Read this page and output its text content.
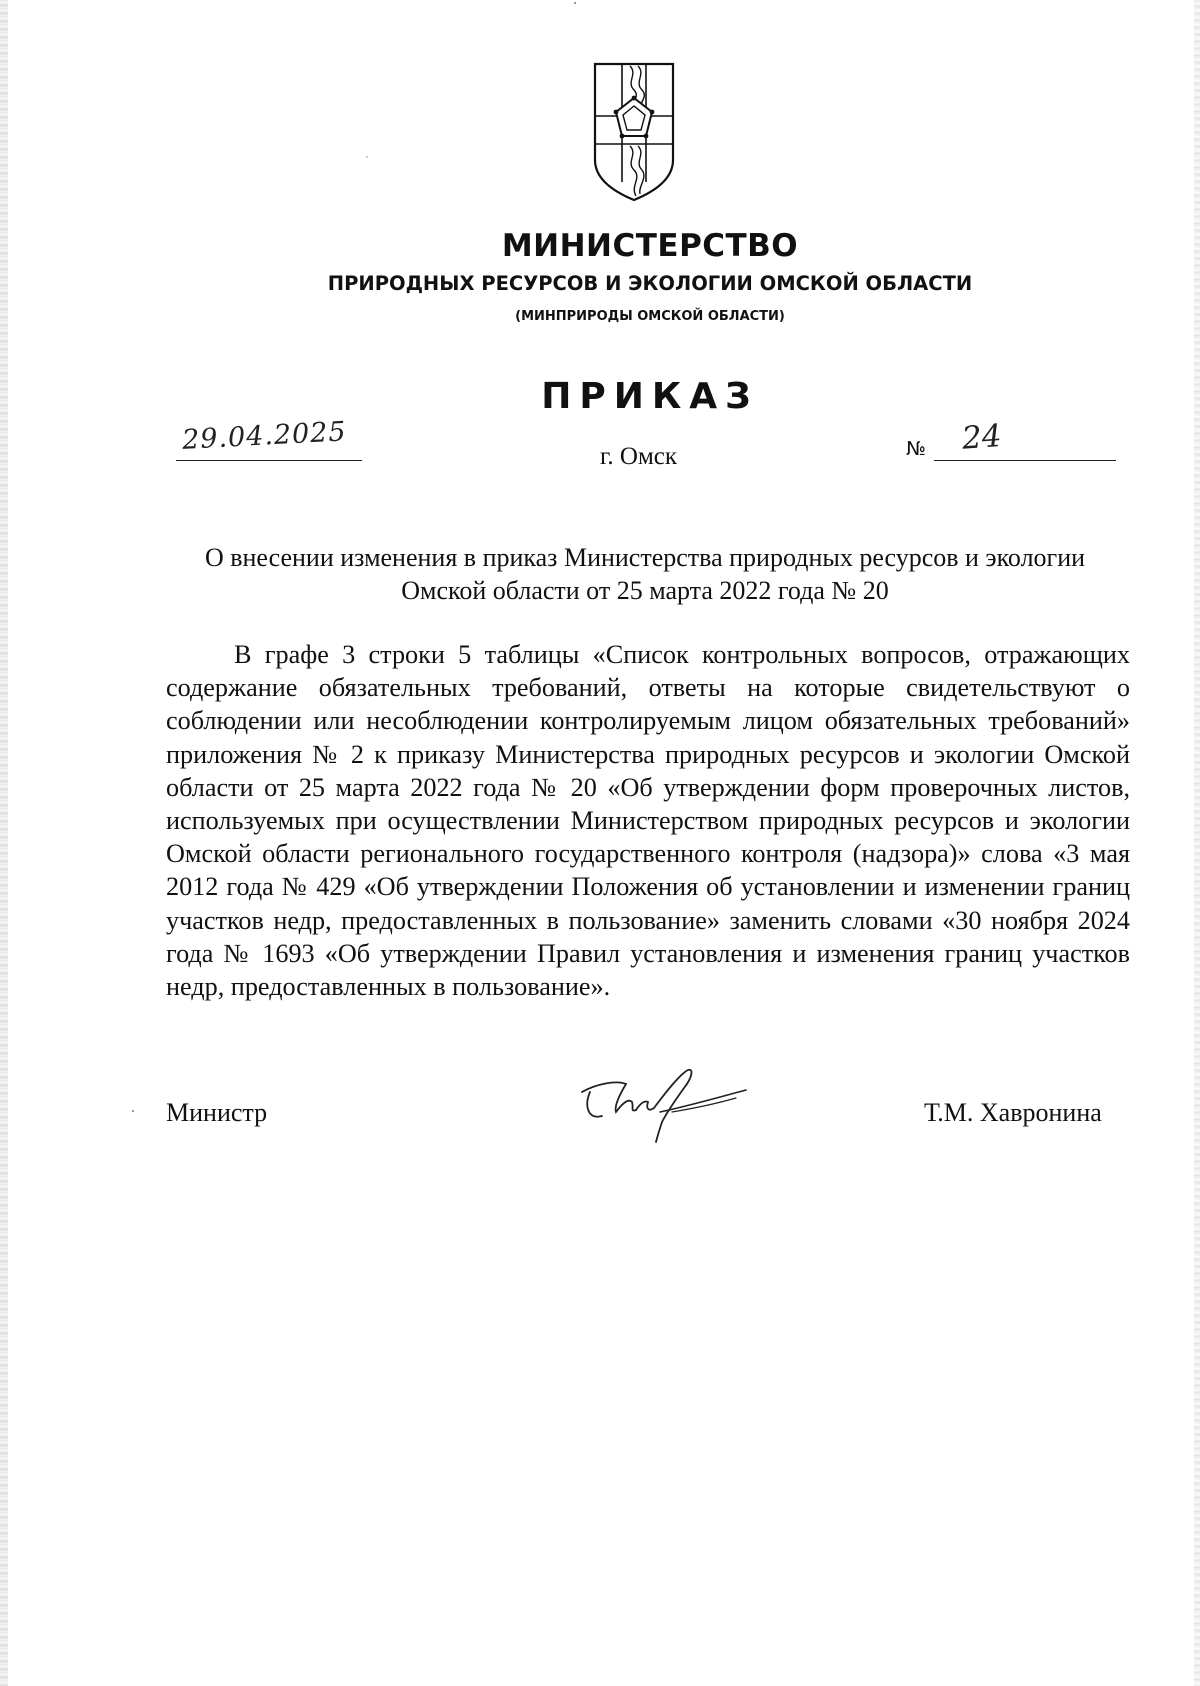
МИНИСТЕРСТВО
ПРИРОДНЫХ РЕСУРСОВ И ЭКОЛОГИИ ОМСКОЙ ОБЛАСТИ
(МИНПРИРОДЫ ОМСКОЙ ОБЛАСТИ)
ПРИКАЗ
29.04.2025
г. Омск	№ 24
О внесении изменения в приказ Министерства природных ресурсов и экологии Омской области от 25 марта 2022 года № 20

В графе 3 строки 5 таблицы «Список контрольных вопросов, отражающих содержание обязательных требований, ответы на которые свидетельствуют о соблюдении или несоблюдении контролируемым лицом обязательных требований» приложения № 2 к приказу Министерства природных ресурсов и экологии Омской области от 25 марта 2022 года № 20 «Об утверждении форм проверочных листов, используемых при осуществлении Министерством природных ресурсов и экологии Омской области регионального государственного контроля (надзора)» слова «3 мая 2012 года № 429 «Об утверждении Положения об установлении и изменении границ участков недр, предоставленных в пользование» заменить словами «30 ноября 2024 года № 1693 «Об утверждении Правил установления и изменения границ участков недр, предоставленных в пользование».

Министр	Т.М. Хавронина
